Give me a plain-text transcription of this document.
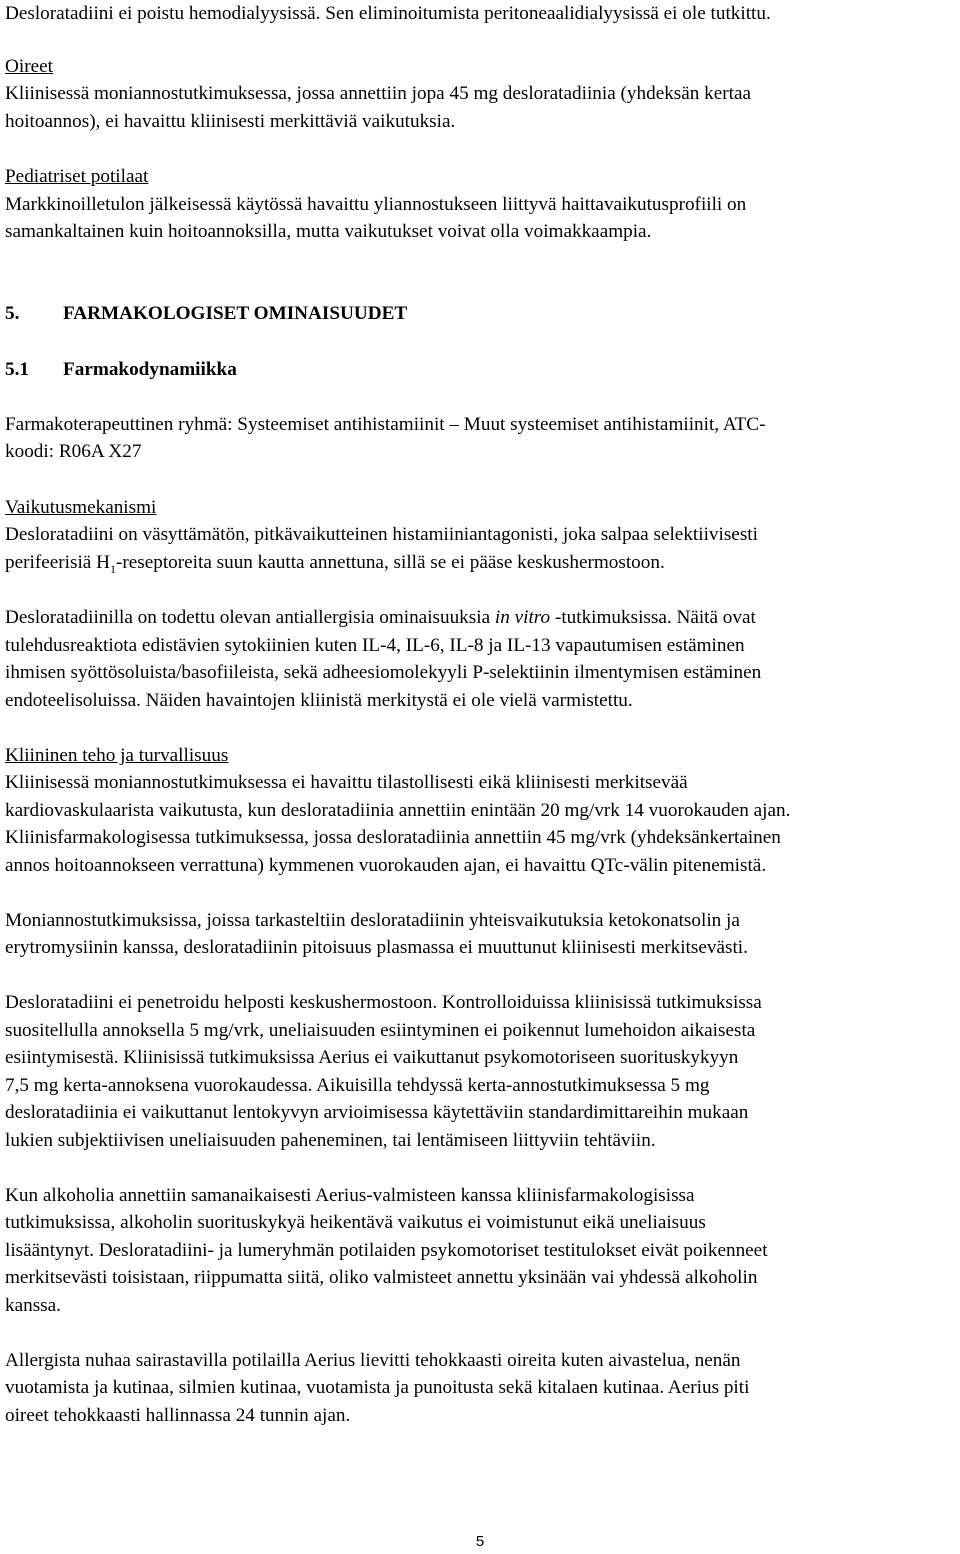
Desloratadiini ei poistu hemodialyysissä. Sen eliminoitumista peritoneaalidialyysissä ei ole tutkittu.

Oireet

Kliinisessä moniannostutkimuksessa, jossa annettiin jopa 45 mg desloratadiinia (yhdeksän kertaa

hoitoannos), ei havaittu kliinisesti merkittäviä vaikutuksia.

Pediatriset potilaat

Markkinoilletulon jälkeisessä käytössä havaittu yliannostukseen liittyvä haittavaikutusprofiili on

samankaltainen kuin hoitoannoksilla, mutta vaikutukset voivat olla voimakkaampia.

5. FARMAKOLOGISET OMINAISUUDET

5.1 Farmakodynamiikka

Farmakoterapeuttinen ryhmä: Systeemiset antihistamiinit – Muut systeemiset antihistamiinit, ATC-

koodi: R06A X27

Vaikutusmekanismi

Desloratadiini on väsyttämätön, pitkävaikutteinen histamiiniantagonisti, joka salpaa selektiivisesti

perifeerisiä $H_1$-reseptoreita suun kautta annettuna, sillä se ei pääse keskushermostoon.

Desloratadiinilla on todettu olevan antiallergisia ominaisuuksia in vitro -tutkimuksissa. Näitä ovat

tulehdusreaktiota edistävien sytokiinien kuten IL-4, IL-6, IL-8 ja IL-13 vapautumisen estäminen

ihmisen syöttösoluista/basofiileista, sekä adheesiomolekyyli P-selektiinin ilmentymisen estäminen

endoteelisoluissa. Näiden havaintojen kliinistä merkitystä ei ole vielä varmistettu.

Kliininen teho ja turvallisuus

Kliinisessä moniannostutkimuksessa ei havaittu tilastollisesti eikä kliinisesti merkitsevää

kardiovaskulaarista vaikutusta, kun desloratadiinia annettiin enintään 20 mg/vrk 14 vuorokauden ajan.

Kliinisfarmakologisessa tutkimuksessa, jossa desloratadiinia annettiin 45 mg/vrk (yhdeksänkertainen

annos hoitoannokseen verrattuna) kymmenen vuorokauden ajan, ei havaittu QTc-välin pitenemistä.

Moniannostutkimuksissa, joissa tarkasteltiin desloratadiinin yhteisvaikutuksia ketokonatsolin ja

erytromysiinin kanssa, desloratadiinin pitoisuus plasmassa ei muuttunut kliinisesti merkitsevästi.

Desloratadiini ei penetroidu helposti keskushermostoon. Kontrolloiduissa kliinisissä tutkimuksissa

suositellulla annoksella 5 mg/vrk, uneliaisuuden esiintyminen ei poikennut lumehoidon aikaisesta

esiintymisestä. Kliinisissä tutkimuksissa Aerius ei vaikuttanut psykomotoriseen suorituskykyyn

7,5 mg kerta-annoksena vuorokaudessa. Aikuisilla tehdyssä kerta-annostutkimuksessa 5 mg

desloratadiinia ei vaikuttanut lentokyvyn arvioimisessa käytettäviin standardimittareihin mukaan

lukien subjektiivisen uneliaisuuden paheneminen, tai lentämiseen liittyviin tehtäviin.

Kun alkoholia annettiin samanaikaisesti Aerius-valmisteen kanssa kliinisfarmakologisissa

tutkimuksissa, alkoholin suorituskykyä heikentävä vaikutus ei voimistunut eikä uneliaisuus

lisääntynyt. Desloratadiini- ja lumeryhmän potilaiden psykomotoriset testitulokset eivät poikenneet

merkitsevästi toisistaan, riippumatta siitä, oliko valmisteet annettu yksinään vai yhdessä alkoholin

kanssa.

Allergista nuhaa sairastavilla potilailla Aerius lievitti tehokkaasti oireita kuten aivastelua, nenän

vuotamista ja kutinaa, silmien kutinaa, vuotamista ja punoitusta sekä kitalaen kutinaa. Aerius piti

oireet tehokkaasti hallinnassa 24 tunnin ajan.

5
